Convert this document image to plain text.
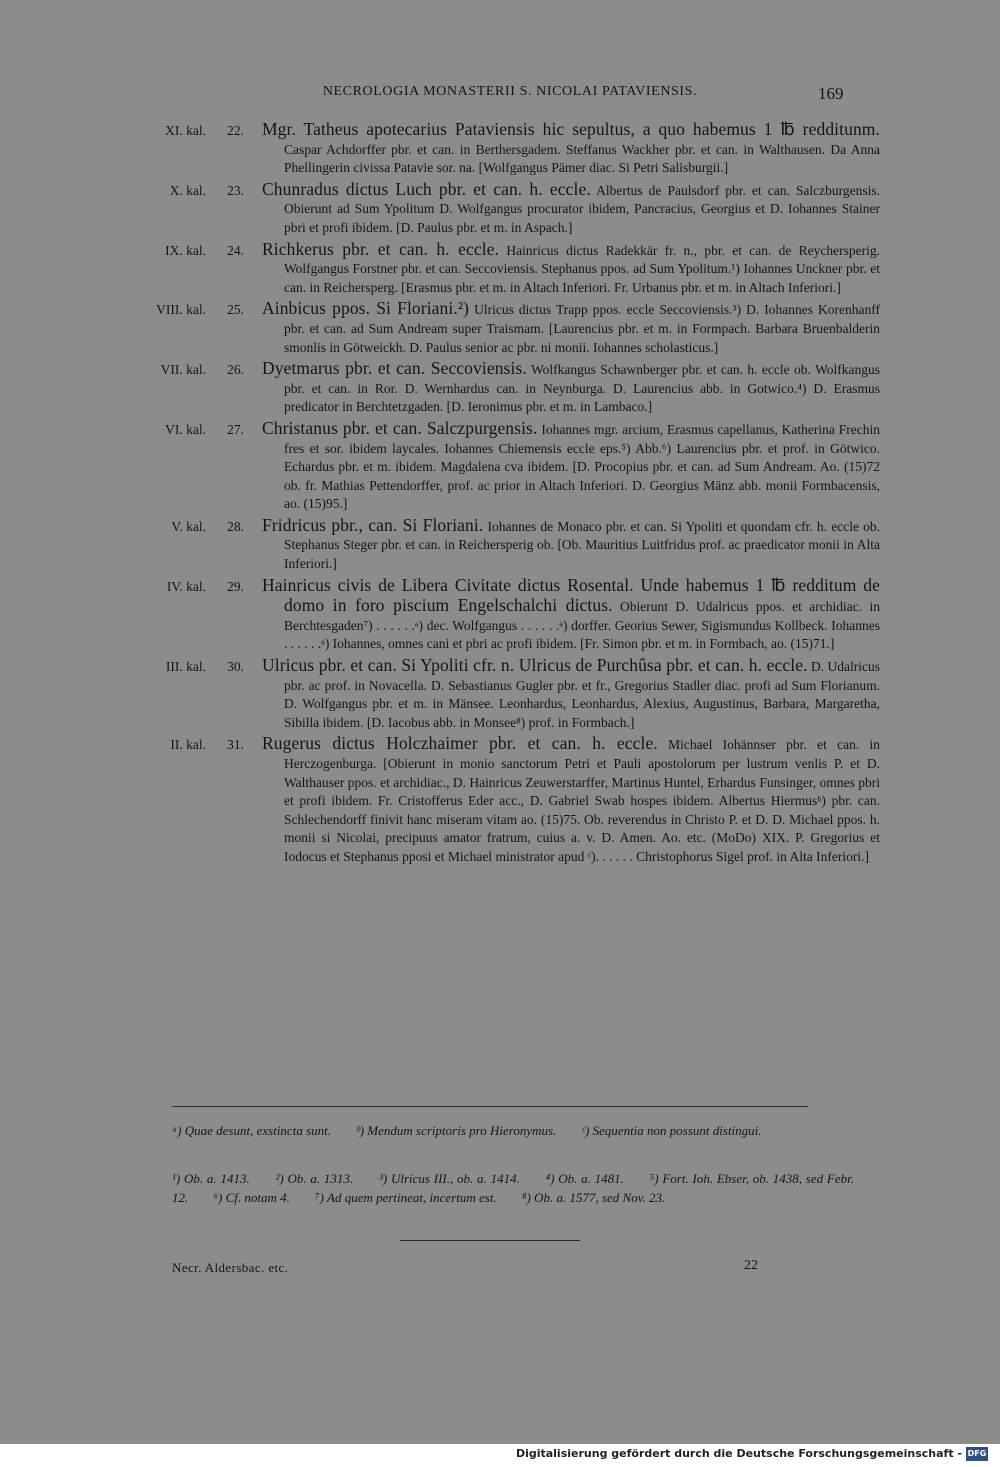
NECROLOGIA MONASTERII S. NICOLAI PATAVIENSIS.	169
XI. kal.	22. Mgr. Tatheus apotecarius Pataviensis hic sepultus, a quo habemus 1 ℔ redditunm. Caspar Achdorffer pbr. et can. in Berthersgadem. Steffanus Wackher pbr. et can. in Walthausen. Da Anna Phellingerin civissa Patavie sor. na. [Wolfgangus Pämer diac. Si Petri Salisburgii.]
X. kal.	23. Chunradus dictus Luch pbr. et can. h. eccle. Albertus de Paulsdorf pbr. et can. Salczburgensis. Obierunt ad Sum Ypolitum D. Wolfgangus procurator ibidem, Pancracius, Georgius et D. Iohannes Stainer pbri et profi ibidem. [D. Paulus pbr. et m. in Aspach.]
IX. kal.	24. Richkerus pbr. et can. h. eccle. Hainricus dictus Radekkär fr. n., pbr. et can. de Reychersperig. Wolfgangus Forstner pbr. et can. Seccoviensis. Stephanus ppos. ad Sum Ypolitum.¹) Iohannes Unckner pbr. et can. in Reichersperg. [Erasmus pbr. et m. in Altach Inferiori. Fr. Urbanus pbr. et m. in Altach Inferiori.]
VIII. kal.	25. Ainbicus ppos. Si Floriani.²) Ulricus dictus Trapp ppos. eccle Seccoviensis.³) D. Iohannes Korenhanff pbr. et can. ad Sum Andream super Traismam. [Laurencius pbr. et m. in Formpach. Barbara Bruenbalderin smonlis in Götweickh. D. Paulus senior ac pbr. ni monii. Iohannes scholasticus.]
VII. kal.	26. Dyetmarus pbr. et can. Seccoviensis. Wolfkangus Schawnberger pbr. et can. h. eccle ob. Wolfkangus pbr. et can. in Ror. D. Wernhardus can. in Neynburga. D. Laurencius abb. in Gotwico.⁴) D. Erasmus predicator in Berchtetzgaden. [D. Ieronimus pbr. et m. in Lambaco.]
VI. kal.	27. Christanus pbr. et can. Salczpurgensis. Iohannes mgr. arcium, Erasmus capellanus, Katherina Frechin fres et sor. ibidem laycales. Iohannes Chiemensis eccle eps.⁵) Abb.⁶) Laurencius pbr. et prof. in Götwico. Echardus pbr. et m. ibidem. Magdalena cva ibidem. [D. Procopius pbr. et can. ad Sum Andream. Ao. (15)72 ob. fr. Mathias Pettendorffer, prof. ac prior in Altach Inferiori. D. Georgius Mänz abb. monii Formbacensis, ao. (15)95.]
V. kal.	28. Fridricus pbr., can. Si Floriani. Iohannes de Monaco pbr. et can. Si Ypoliti et quondam cfr. h. eccle ob. Stephanus Steger pbr. et can. in Reichersperig ob. [Ob. Mauritius Luitfridus prof. ac praedicator monii in Alta Inferiori.]
IV. kal.	29. Hainricus civis de Libera Civitate dictus Rosental. Unde habemus 1 ℔ redditum de domo in foro piscium Engelschalchi dictus. Obierunt D. Udalricus ppos. et archidiac. in Berchtesgaden⁷) . . . . . .ᵃ) dec. Wolfgangus . . . . . .ᵃ) dorffer. Georius Sewer, Sigismundus Kollbeck. Iohannes . . . . . .ᵃ) Iohannes, omnes cani et pbri ac profi ibidem. [Fr. Simon pbr. et m. in Formbach, ao. (15)71.]
III. kal.	30. Ulricus pbr. et can. Si Ypoliti cfr. n. Ulricus de Purchûsa pbr. et can. h. eccle. D. Udalricus pbr. ac prof. in Novacella. D. Sebastianus Gugler pbr. et fr., Gregorius Stadler diac. profi ad Sum Florianum. D. Wolfgangus pbr. et m. in Mänsee. Leonhardus, Leonhardus, Alexius, Augustinus, Barbara, Margaretha, Sibilla ibidem. [D. Iacobus abb. in Monsee⁸) prof. in Formbach.]
II. kal.	31. Rugerus dictus Holczhaimer pbr. et can. h. eccle. Michael Iohännser pbr. et can. in Herczogenburga. [Obierunt in monio sanctorum Petri et Pauli apostolorum per lustrum venlis P. et D. Walthauser ppos. et archidiac., D. Hainricus Zeuwerstarffer, Martinus Huntel, Erhardus Funsinger, omnes pbri et profi ibidem. Fr. Cristofferus Eder acc., D. Gabriel Swab hospes ibidem. Albertus Hiermusᵇ) pbr. can. Schlechendorff finivit hanc miseram vitam ao. (15)75. Ob. reverendus in Christo P. et D. D. Michael ppos. h. monii si Nicolai, precipuus amator fratrum, cuius a. v. D. Amen. Ao. etc. (MoDo) XIX. P. Gregorius et Iodocus et Stephanus pposi et Michael ministrator apud ᶜ). . . . . . Christophorus Sigel prof. in Alta Inferiori.]
ᵃ) Quae desunt, exstincta sunt. ᵇ) Mendum scriptoris pro Hieronymus. ᶜ) Sequentia non possunt distingui.
¹) Ob. a. 1413. ²) Ob. a. 1313. ³) Ulricus III., ob. a. 1414. ⁴) Ob. a. 1481. ⁵) Fort. Ioh. Ebser, ob. 1438, sed Febr. 12. ⁶) Cf. notam 4. ⁷) Ad quem pertineat, incertum est. ⁸) Ob. a. 1577, sed Nov. 23.
Necr. Aldersbac. etc.	22
Digitalisierung gefördert durch die Deutsche Forschungsgemeinschaft - DFG
